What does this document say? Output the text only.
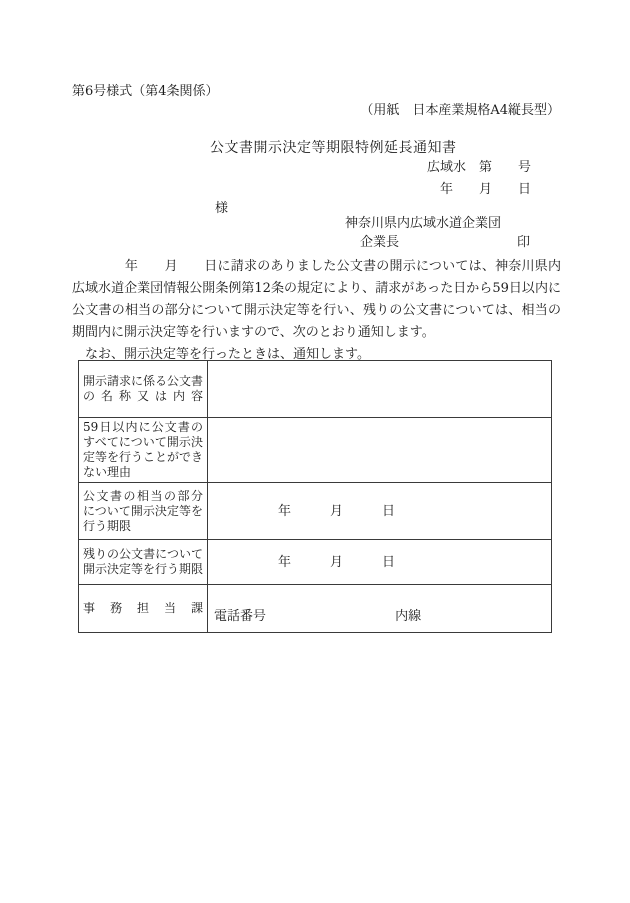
第6号様式（第4条関係）
（用紙　日本産業規格A4縦長型）
公文書開示決定等期限特例延長通知書
広域水　第　　号
年　　月　　日
様
神奈川県内広域水道企業団
企業長	印

　　　　年　　月　　日に請求のありました公文書の開示については、神奈川県内広域水道企業団情報公開条例第12条の規定により、請求があった日から59日以内に公文書の相当の部分について開示決定等を行い、残りの公文書については、相当の期間内に開示決定等を行いますので、次のとおり通知します。

　なお、開示決定等を行ったときは、通知します。

開示請求に係る公文書の名称又は内容	
59日以内に公文書のすべてについて開示決定等を行うことができない理由	
公文書の相当の部分について開示決定等を行う期限	年　　　月　　　日
残りの公文書について開示決定等を行う期限	年　　　月　　　日
事務担当課	電話番号 内線
